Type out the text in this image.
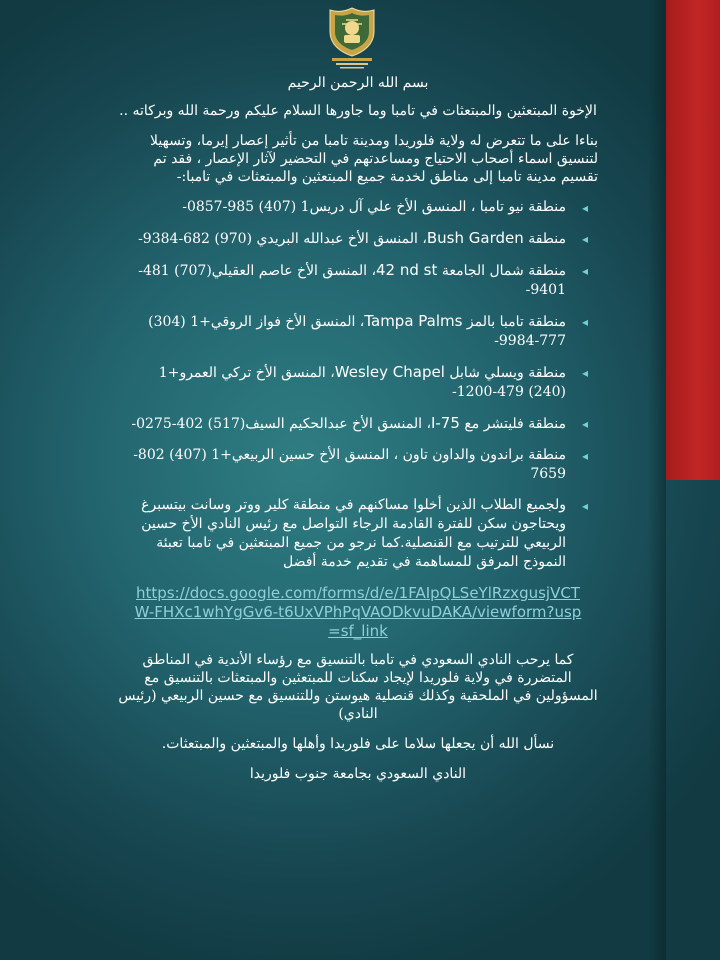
بسم الله الرحمن الرحيم

الإخوة المبتعثين والمبتعثات في تامبا وما جاورها السلام عليكم ورحمة الله وبركاته ..

بناءا على ما تتعرض له ولاية فلوريدا ومدينة تامبا من تأثير إعصار إيرما، وتسهيلا لتنسيق اسماء أصحاب الاحتياج ومساعدتهم في التحضير لآثار الإعصار ، فقد تم تقسيم مدينة تامبا إلى مناطق لخدمة جميع المبتعثين والمبتعثات في تامبا:-

◂
منطقة نيو تامبا ، المنسق الأخ علي آل دريس1 (407) 985-0857-
◂
منطقة Bush Garden، المنسق الأخ عبدالله البريدي (970) 682-9384-
◂
منطقة شمال الجامعة 42 nd st، المنسق الأخ عاصم العقيلي(707) 481-9401-
◂
منطقة تامبا بالمز Tampa Palms، المنسق الأخ فواز الروقي+1 (304) 777-9984-
◂
منطقة ويسلي شابل Wesley Chapel، المنسق الأخ تركي العمرو+1 (240) 479-1200-
◂
منطقة فليتشر مع I-75، المنسق الأخ عبدالحكيم السيف(517) 402-0275-
◂
منطقة براندون والداون تاون ، المنسق الأخ حسين الربيعي+1 (407) 802-7659
◂
ولجميع الطلاب الذين أخلوا مساكنهم في منطقة كلير ووتر وسانت بيتسبرغ ويحتاجون سكن للفترة القادمة الرجاء التواصل مع رئيس النادي الأخ حسين الربيعي للترتيب مع القنصلية.كما نرجو من جميع المبتعثين في تامبا تعبئة النموذج المرفق للمساهمة في تقديم خدمة أفضل
https://docs.google.com/forms/d/e/1FAIpQLSeYlRzxgusjVCTW-FHXc1whYgGv6-t6UxVPhPqVAODkvuDAKA/viewform?usp=sf_link

كما يرحب النادي السعودي في تامبا بالتنسيق مع رؤساء الأندية في المناطق المتضررة في ولاية فلوريدا لإيجاد سكنات للمبتعثين والمبتعثات بالتنسيق مع المسؤولين في الملحقية وكذلك قنصلية هيوستن وللتنسيق مع حسين الربيعي (رئيس النادي)

نسأل الله أن يجعلها سلاما على فلوريدا وأهلها والمبتعثين والمبتعثات.

النادي السعودي بجامعة جنوب فلوريدا
